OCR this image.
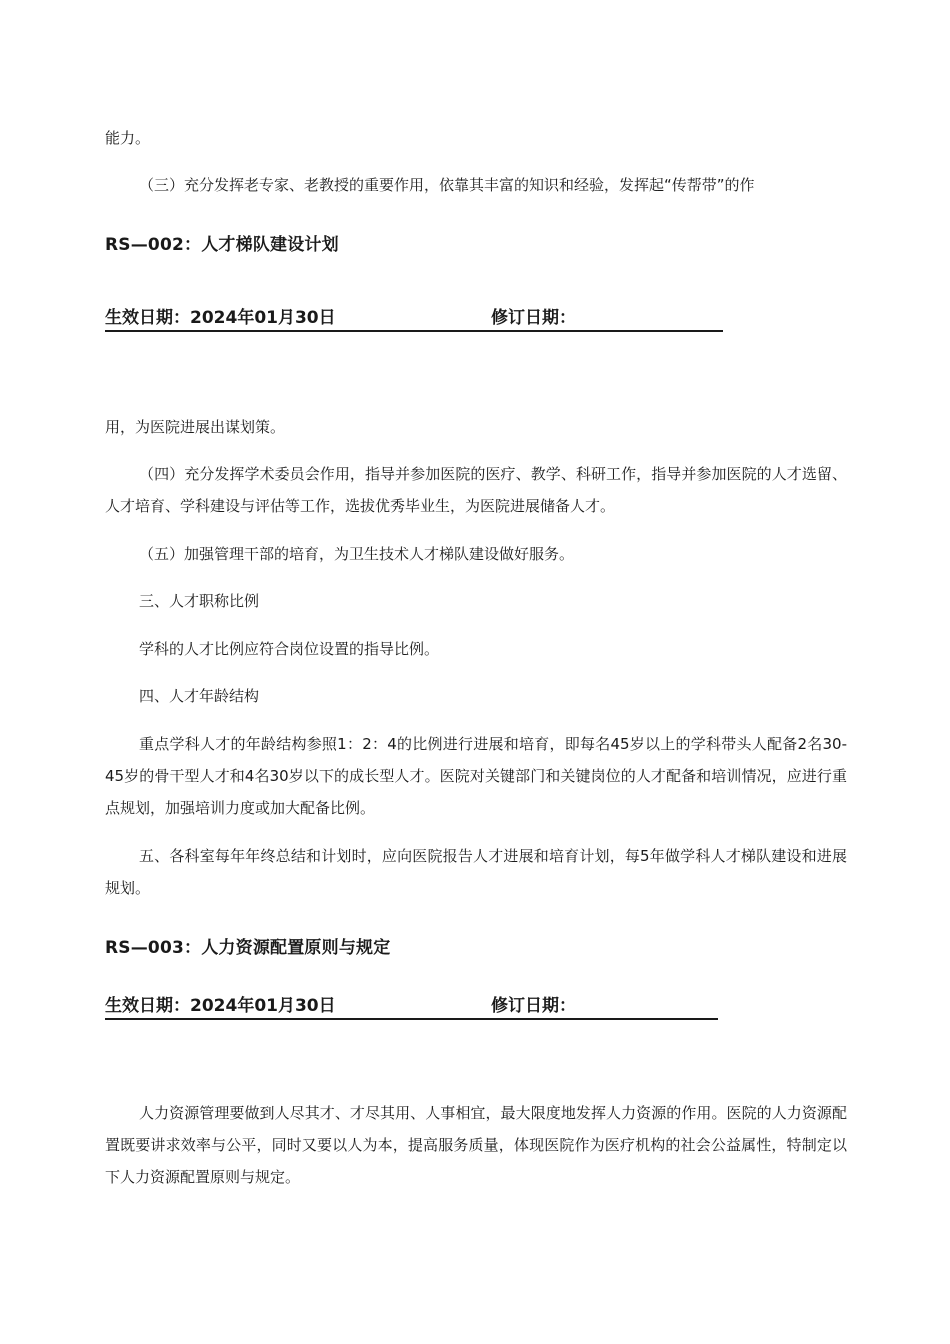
能力。

（三）充分发挥老专家、老教授的重要作用，依靠其丰富的知识和经验，发挥起“传帮带”的作

RS—002：人才梯队建设计划
生效日期：2024年01月30日	修订日期：

用，为医院进展出谋划策。

（四）充分发挥学术委员会作用，指导并参加医院的医疗、教学、科研工作，指导并参加医院的人才选留、人才培育、学科建设与评估等工作，选拔优秀毕业生，为医院进展储备人才。

（五）加强管理干部的培育，为卫生技术人才梯队建设做好服务。

三、人才职称比例

学科的人才比例应符合岗位设置的指导比例。

四、人才年龄结构

重点学科人才的年龄结构参照1：2：4的比例进行进展和培育，即每名45岁以上的学科带头人配备2名30-45岁的骨干型人才和4名30岁以下的成长型人才。医院对关键部门和关键岗位的人才配备和培训情况，应进行重点规划，加强培训力度或加大配备比例。

五、各科室每年年终总结和计划时，应向医院报告人才进展和培育计划，每5年做学科人才梯队建设和进展规划。

RS—003：人力资源配置原则与规定
生效日期：2024年01月30日	修订日期：

人力资源管理要做到人尽其才、才尽其用、人事相宜，最大限度地发挥人力资源的作用。医院的人力资源配置既要讲求效率与公平，同时又要以人为本，提高服务质量，体现医院作为医疗机构的社会公益属性，特制定以下人力资源配置原则与规定。
